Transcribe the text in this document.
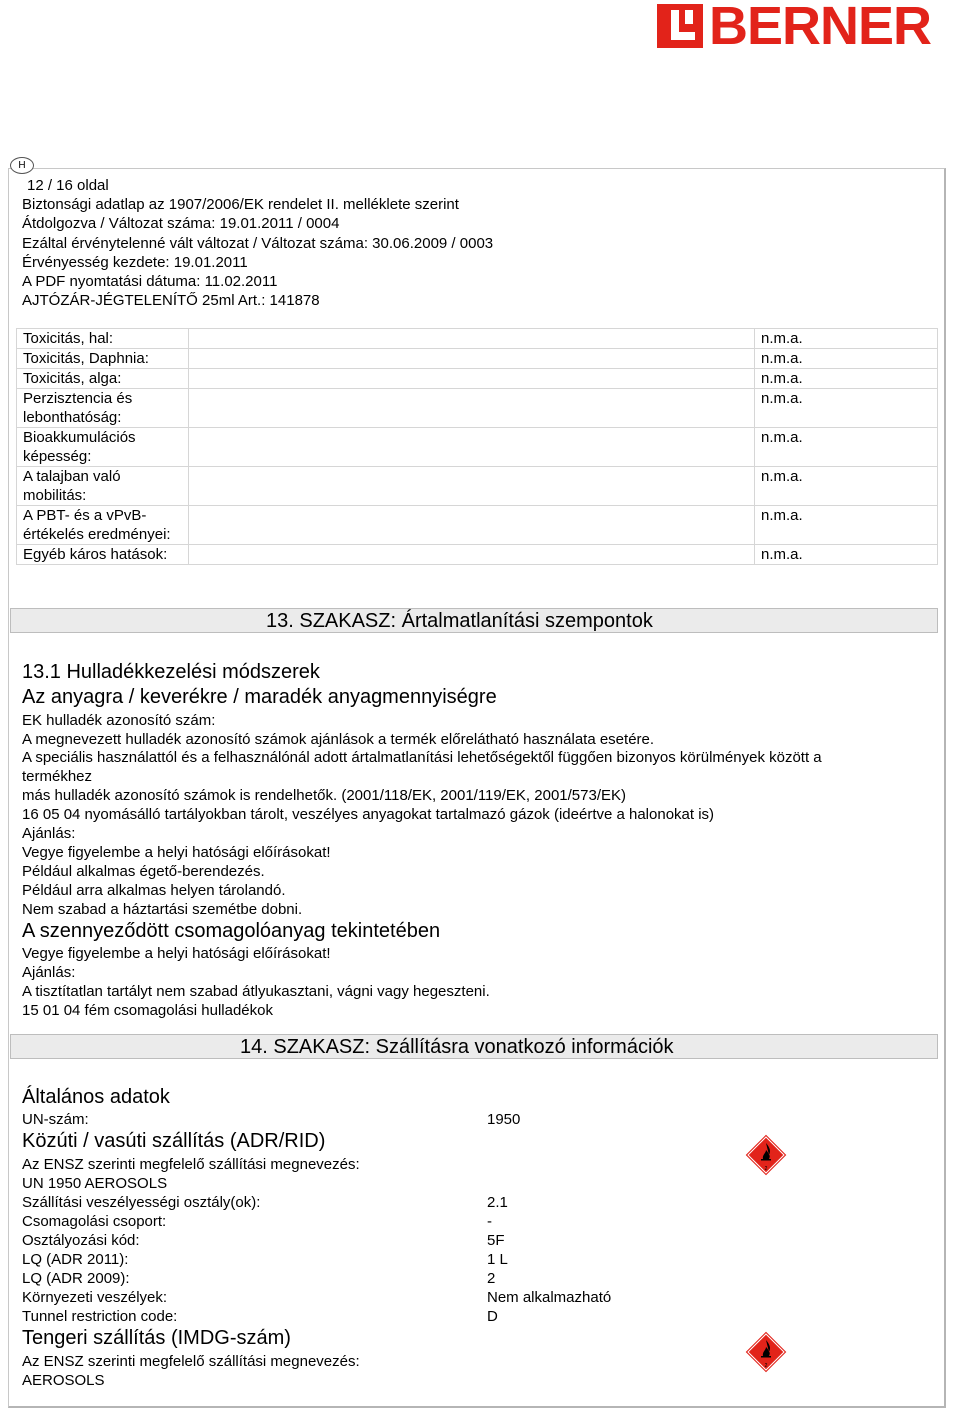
BERNER
H
12 / 16 oldal
Biztonsági adatlap az 1907/2006/EK rendelet II. melléklete szerint
Átdolgozva / Változat száma: 19.01.2011 / 0004
Ezáltal érvénytelenné vált változat / Változat száma: 30.06.2009 / 0003
Érvényesség kezdete: 19.01.2011
A PDF nyomtatási dátuma: 11.02.2011
AJTÓZÁR-JÉGTELENÍTŐ 25ml Art.: 141878
Toxicitás, hal:		n.m.a.
Toxicitás, Daphnia:		n.m.a.
Toxicitás, alga:		n.m.a.
Perzisztencia és lebonthatóság:		n.m.a.
Bioakkumulációs képesség:		n.m.a.
A talajban való mobilitás:		n.m.a.
A PBT- és a vPvB-értékelés eredményei:		n.m.a.
Egyéb káros hatások:		n.m.a.
13. SZAKASZ: Ártalmatlanítási szempontok
13.1 Hulladékkezelési módszerek
Az anyagra / keverékre / maradék anyagmennyiségre
EK hulladék azonosító szám:
A megnevezett hulladék azonosító számok ajánlások a termék előrelátható használata esetére.
A speciális használattól és a felhasználónál adott ártalmatlanítási lehetőségektől függően bizonyos körülmények között a
termékhez
más hulladék azonosító számok is rendelhetők. (2001/118/EK, 2001/119/EK, 2001/573/EK)
16 05 04 nyomásálló tartályokban tárolt, veszélyes anyagokat tartalmazó gázok (ideértve a halonokat is)
Ajánlás:
Vegye figyelembe a helyi hatósági előírásokat!
Például alkalmas égető-berendezés.
Például arra alkalmas helyen tárolandó.
Nem szabad a háztartási szemétbe dobni.
A szennyeződött csomagolóanyag tekintetében
Vegye figyelembe a helyi hatósági előírásokat!
Ajánlás:
A tisztítatlan tartályt nem szabad átlyukasztani, vágni vagy hegeszteni.
15 01 04 fém csomagolási hulladékok
14. SZAKASZ: Szállításra vonatkozó információk
Általános adatok
UN-szám:	1950
Közúti / vasúti szállítás (ADR/RID)
Az ENSZ szerinti megfelelő szállítási megnevezés:
UN 1950 AEROSOLS
Szállítási veszélyességi osztály(ok):	2.1
Csomagolási csoport:	-
Osztályozási kód:	5F
LQ (ADR 2011):	1 L
LQ (ADR 2009):	2
Környezeti veszélyek:	Nem alkalmazható
Tunnel restriction code:	D
Tengeri szállítás (IMDG-szám)
Az ENSZ szerinti megfelelő szállítási megnevezés:
AEROSOLS
2
2
